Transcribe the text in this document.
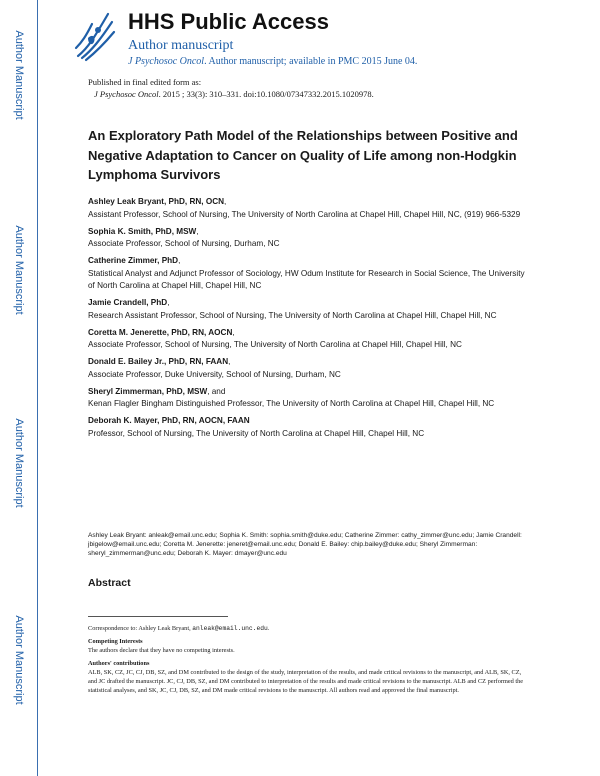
Author Manuscript
Author Manuscript
Author Manuscript
Author Manuscript
HHS Public Access
Author manuscript
J Psychosoc Oncol. Author manuscript; available in PMC 2015 June 04.
Published in final edited form as:
J Psychosoc Oncol. 2015 ; 33(3): 310–331. doi:10.1080/07347332.2015.1020978.
An Exploratory Path Model of the Relationships between Positive and Negative Adaptation to Cancer on Quality of Life among non-Hodgkin Lymphoma Survivors
Ashley Leak Bryant, PhD, RN, OCN,
Assistant Professor, School of Nursing, The University of North Carolina at Chapel Hill, Chapel Hill, NC, (919) 966-5329
Sophia K. Smith, PhD, MSW,
Associate Professor, School of Nursing, Durham, NC
Catherine Zimmer, PhD,
Statistical Analyst and Adjunct Professor of Sociology, HW Odum Institute for Research in Social Science, The University of North Carolina at Chapel Hill, Chapel Hill, NC
Jamie Crandell, PhD,
Research Assistant Professor, School of Nursing, The University of North Carolina at Chapel Hill, Chapel Hill, NC
Coretta M. Jenerette, PhD, RN, AOCN,
Associate Professor, School of Nursing, The University of North Carolina at Chapel Hill, Chapel Hill, NC
Donald E. Bailey Jr., PhD, RN, FAAN,
Associate Professor, Duke University, School of Nursing, Durham, NC
Sheryl Zimmerman, PhD, MSW, and
Kenan Flagler Bingham Distinguished Professor, The University of North Carolina at Chapel Hill, Chapel Hill, NC
Deborah K. Mayer, PhD, RN, AOCN, FAAN
Professor, School of Nursing, The University of North Carolina at Chapel Hill, Chapel Hill, NC
Ashley Leak Bryant: anleak@email.unc.edu; Sophia K. Smith: sophia.smith@duke.edu; Catherine Zimmer: cathy_zimmer@unc.edu; Jamie Crandell: jbigelow@email.unc.edu; Coretta M. Jenerette: jeneret@email.unc.edu; Donald E. Bailey: chip.bailey@duke.edu; Sheryl Zimmerman: sheryl_zimmerman@unc.edu; Deborah K. Mayer: dmayer@unc.edu
Abstract
Correspondence to: Ashley Leak Bryant, anleak@email.unc.edu.
Competing Interests
The authors declare that they have no competing interests.
Authors' contributions
ALB, SK, CZ, JC, CJ, DB, SZ, and DM contributed to the design of the study, interpretation of the results, and made critical revisions to the manuscript, and ALB, SK, CZ, and JC drafted the manuscript. JC, CJ, DB, SZ, and DM contributed to interpretation of the results and made critical revisions to the manuscript. ALB and CZ performed the statistical analyses, and SK, JC, CJ, DB, SZ, and DM made critical revisions to the manuscript. All authors read and approved the final manuscript.
